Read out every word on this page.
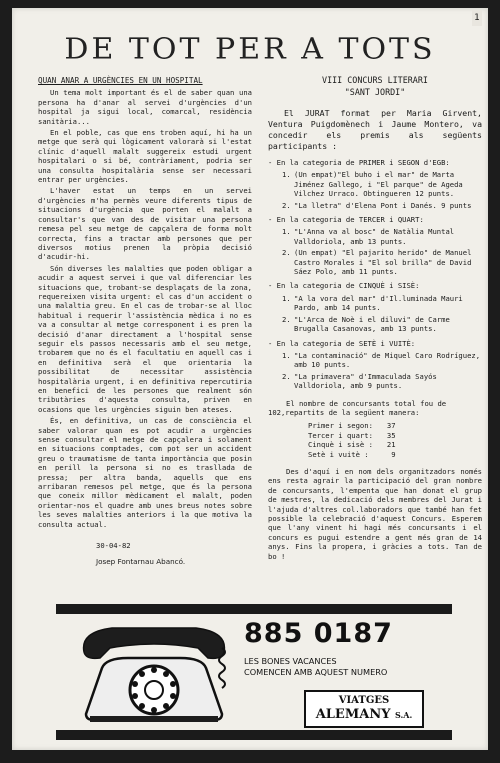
1
DE TOT PER A TOTS
QUAN ANAR A URGÈNCIES EN UN HOSPITAL

Un tema molt important és el de saber quan una persona ha d'anar al servei d'urgències d'un hospital ja sigui local, comarcal, residència sanitària...

En el poble, cas que ens troben aquí, hi ha un metge que serà qui lògicament valorarà si l'estat clínic d'aquell malalt suggereix estudi urgent hospitalari o si bé, contràriament, podria ser una consulta hospitalària sense ser necessari entrar per urgències.

L'haver estat un temps en un servei d'urgències m'ha permès veure diferents tipus de situacions d'urgència que porten el malalt a consultar's que van des de visitar una persona remesa pel seu metge de capçalera de forma molt correcta, fins a tractar amb persones que per diversos motius prenen la pròpia decisió d'acudir-hi.

Són diverses les malalties que poden obligar a acudir a aquest servei i que val diferenciar les situacions que, trobant-se desplaçats de la zona, requereixen visita urgent: el cas d'un accident o una malaltia greu. En el cas de trobar-se al lloc habitual i requerir l'assistència mèdica i no es va a consultar al metge corresponent i es pren la decisió d'anar directament a l'hospital sense seguir els passos necessaris amb el seu metge, trobarem que no és el facultatiu en aquell cas i en definitiva serà el que orientaria la possibilitat de necessitar assistència hospitalària urgent, i en definitiva repercutiria en benefici de les persones que realment són tributàries d'aquesta consulta, priven en ocasions que les urgències siguin ben ateses.

És, en definitiva, un cas de consciència el saber valorar quan es pot acudir a urgències sense consultar el metge de capçalera i solament en situacions comptades, com pot ser un accident greu o traumatisme de tanta importància que posin en perill la persona si no es trasllada de pressa; per altra banda, aquells que ens arribaran remesos pel metge, que és la persona que coneix millor mèdicament el malalt, poden orientar-nos el quadre amb unes breus notes sobre les seves malalties anteriors i la que motiva la consulta actual.

30-04-82
Josep Fontarnau Abancó.
VIII CONCURS LITERARI
"SANT JORDI"

El JURAT format per Maria Girvent, Ventura Puigdomènech i Jaume Montero, va concedir els premis als següents participants :

- En la categoria de PRIMER i SEGON d'EGB:
1. (Un empat)"El buho i el mar" de Marta Jiménez Gallego, i "El parque" de Ageda Vilchez Urraco. Obtingueren 12 punts.
2. "La lletra" d'Elena Pont i Danés. 9 punts
- En la categoria de TERCER i QUART:
1. "L'Anna va al bosc" de Natàlia Muntal Valldoriola, amb 13 punts.
2. (Un empat) "El pajarito herido" de Manuel Castro Morales i "El sol brilla" de David Sáez Polo, amb 11 punts.
- En la categoria de CINQUÈ i SISÈ:
1. "A la vora del mar" d'Il.luminada Mauri Pardo, amb 14 punts.
2. "L'Arca de Noè i el diluvi" de Carme Brugalla Casanovas, amb 13 punts.
- En la categoria de SETÈ i VUITÈ:
1. "La contaminació" de Miquel Caro Rodríguez, amb 10 punts.
2. "La primavera" d'Immaculada Sayós Valldoriola, amb 9 punts.

El nombre de concursants total fou de 102,repartits de la següent manera:

Primer i segon:	37
Tercer i quart:	35
Cinquè i sisè :	21
Setè i vuitè :	9

Des d'aquí i en nom dels organitzadors només ens resta agrair la participació del gran nombre de concursants, l'empenta que han donat el grup de mestres, la dedicació dels membres del Jurat i l'ajuda d'altres col.laboradors que també han fet possible la celebració d'aquest Concurs. Esperem que l'any vinent hi hagi més concursants i el concurs es pugui estendre a gent més gran de 14 anys. Fins la propera, i gràcies a tots. Tan de bo !

885 0187
LES BONES VACANCES
COMENCEN AMB AQUEST NUMERO
VIATGES
ALEMANY S.A.
